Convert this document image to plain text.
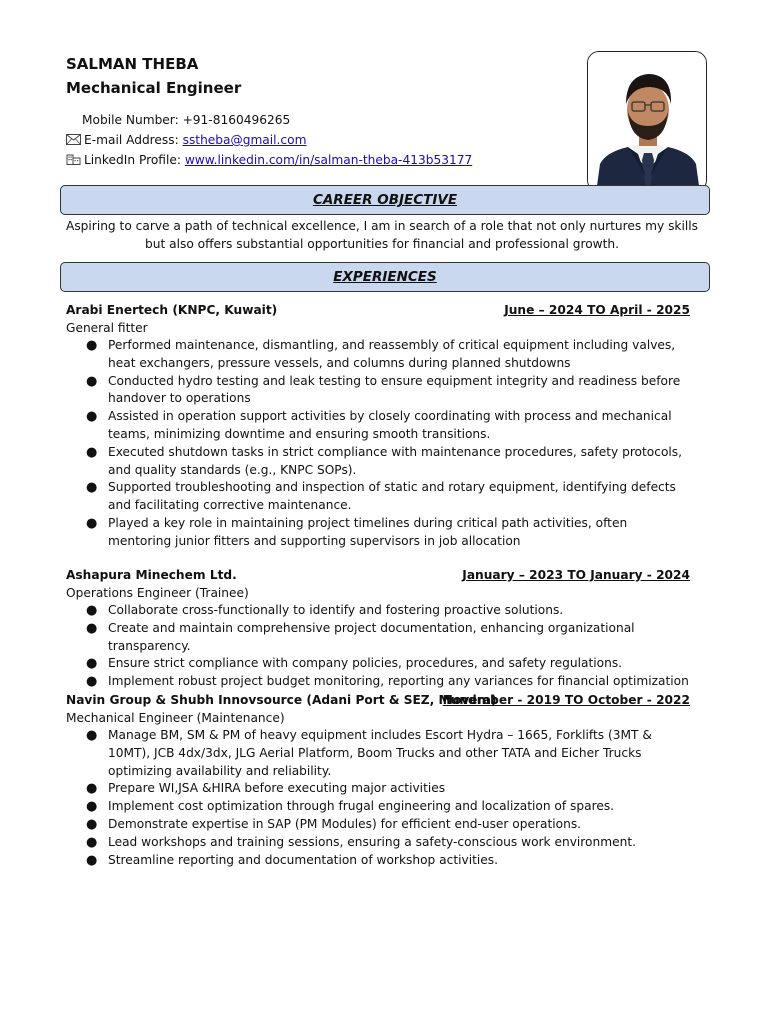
SALMAN THEBA
Mechanical Engineer
Mobile Number: +91-8160496265
E-mail Address: sstheba@gmail.com
LinkedIn Profile: www.linkedin.com/in/salman-theba-413b53177
CAREER OBJECTIVE
Aspiring to carve a path of technical excellence, I am in search of a role that not only nurtures my skills but also offers substantial opportunities for financial and professional growth.
EXPERIENCES
Arabi Enertech (KNPC, Kuwait)	June – 2024 TO April - 2025
General fitter
● Performed maintenance, dismantling, and reassembly of critical equipment including valves, heat exchangers, pressure vessels, and columns during planned shutdowns
● Conducted hydro testing and leak testing to ensure equipment integrity and readiness before handover to operations
● Assisted in operation support activities by closely coordinating with process and mechanical teams, minimizing downtime and ensuring smooth transitions.
● Executed shutdown tasks in strict compliance with maintenance procedures, safety protocols, and quality standards (e.g., KNPC SOPs).
● Supported troubleshooting and inspection of static and rotary equipment, identifying defects and facilitating corrective maintenance.
● Played a key role in maintaining project timelines during critical path activities, often mentoring junior fitters and supporting supervisors in job allocation
Ashapura Minechem Ltd.	January – 2023 TO January - 2024
Operations Engineer (Trainee)
● Collaborate cross-functionally to identify and fostering proactive solutions.
● Create and maintain comprehensive project documentation, enhancing organizational transparency.
● Ensure strict compliance with company policies, procedures, and safety regulations.
● Implement robust project budget monitoring, reporting any variances for financial optimization
Navin Group & Shubh Innovsource (Adani Port & SEZ, Mundra)
November - 2019 TO October - 2022
Mechanical Engineer (Maintenance)
● Manage BM, SM & PM of heavy equipment includes Escort Hydra – 1665, Forklifts (3MT & 10MT), JCB 4dx/3dx, JLG Aerial Platform, Boom Trucks and other TATA and Eicher Trucks optimizing availability and reliability.
● Prepare WI,JSA &HIRA before executing major activities
● Implement cost optimization through frugal engineering and localization of spares.
● Demonstrate expertise in SAP (PM Modules) for efficient end-user operations.
● Lead workshops and training sessions, ensuring a safety-conscious work environment.
● Streamline reporting and documentation of workshop activities.
